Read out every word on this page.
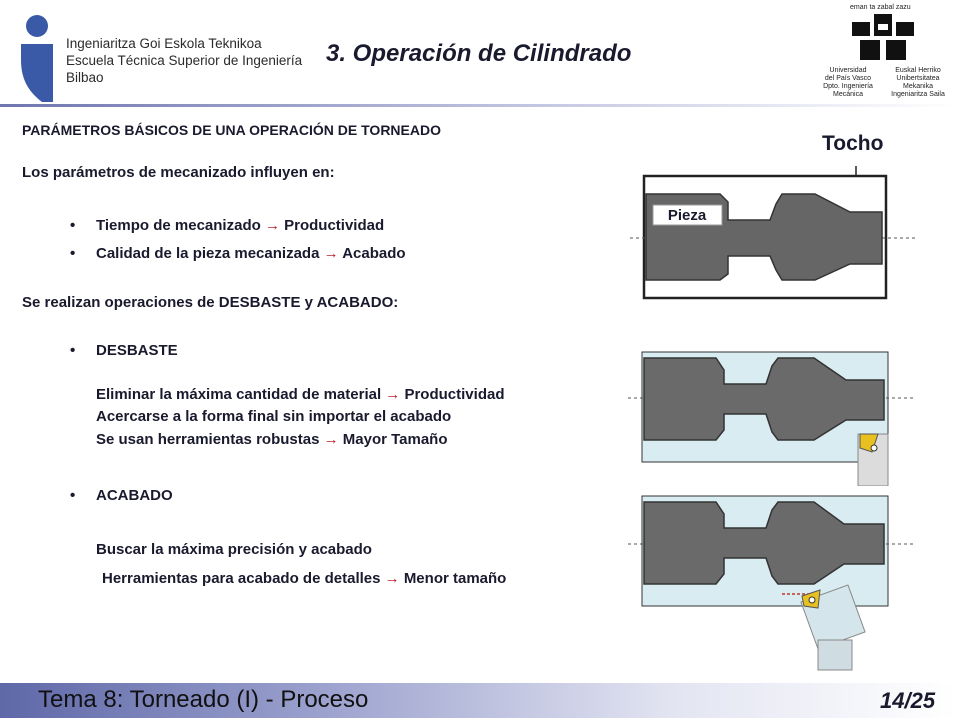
Ingeniaritza Goi Eskola Teknikoa
Escuela Técnica Superior de Ingeniería
Bilbao
3. Operación de Cilindrado
eman ta zabal zazu
Universidad
del País Vasco
Dpto. Ingeniería
Mecánica
Euskal Herriko
Unibertsitatea
Mekanika
Ingeniaritza Saila
PARÁMETROS BÁSICOS DE UNA OPERACIÓN DE TORNEADO
Los parámetros de mecanizado influyen en:
• Tiempo de mecanizado → Productividad
• Calidad de la pieza mecanizada → Acabado
Se realizan operaciones de DESBASTE y ACABADO:
• DESBASTE
Eliminar la máxima cantidad de material → Productividad
Acercarse a la forma final sin importar el acabado
Se usan herramientas robustas → Mayor Tamaño
• ACABADO
Buscar la máxima precisión y acabado
Herramientas para acabado de detalles → Menor tamaño
Tocho
Pieza
Tema 8: Torneado (I) - Proceso	14/25
